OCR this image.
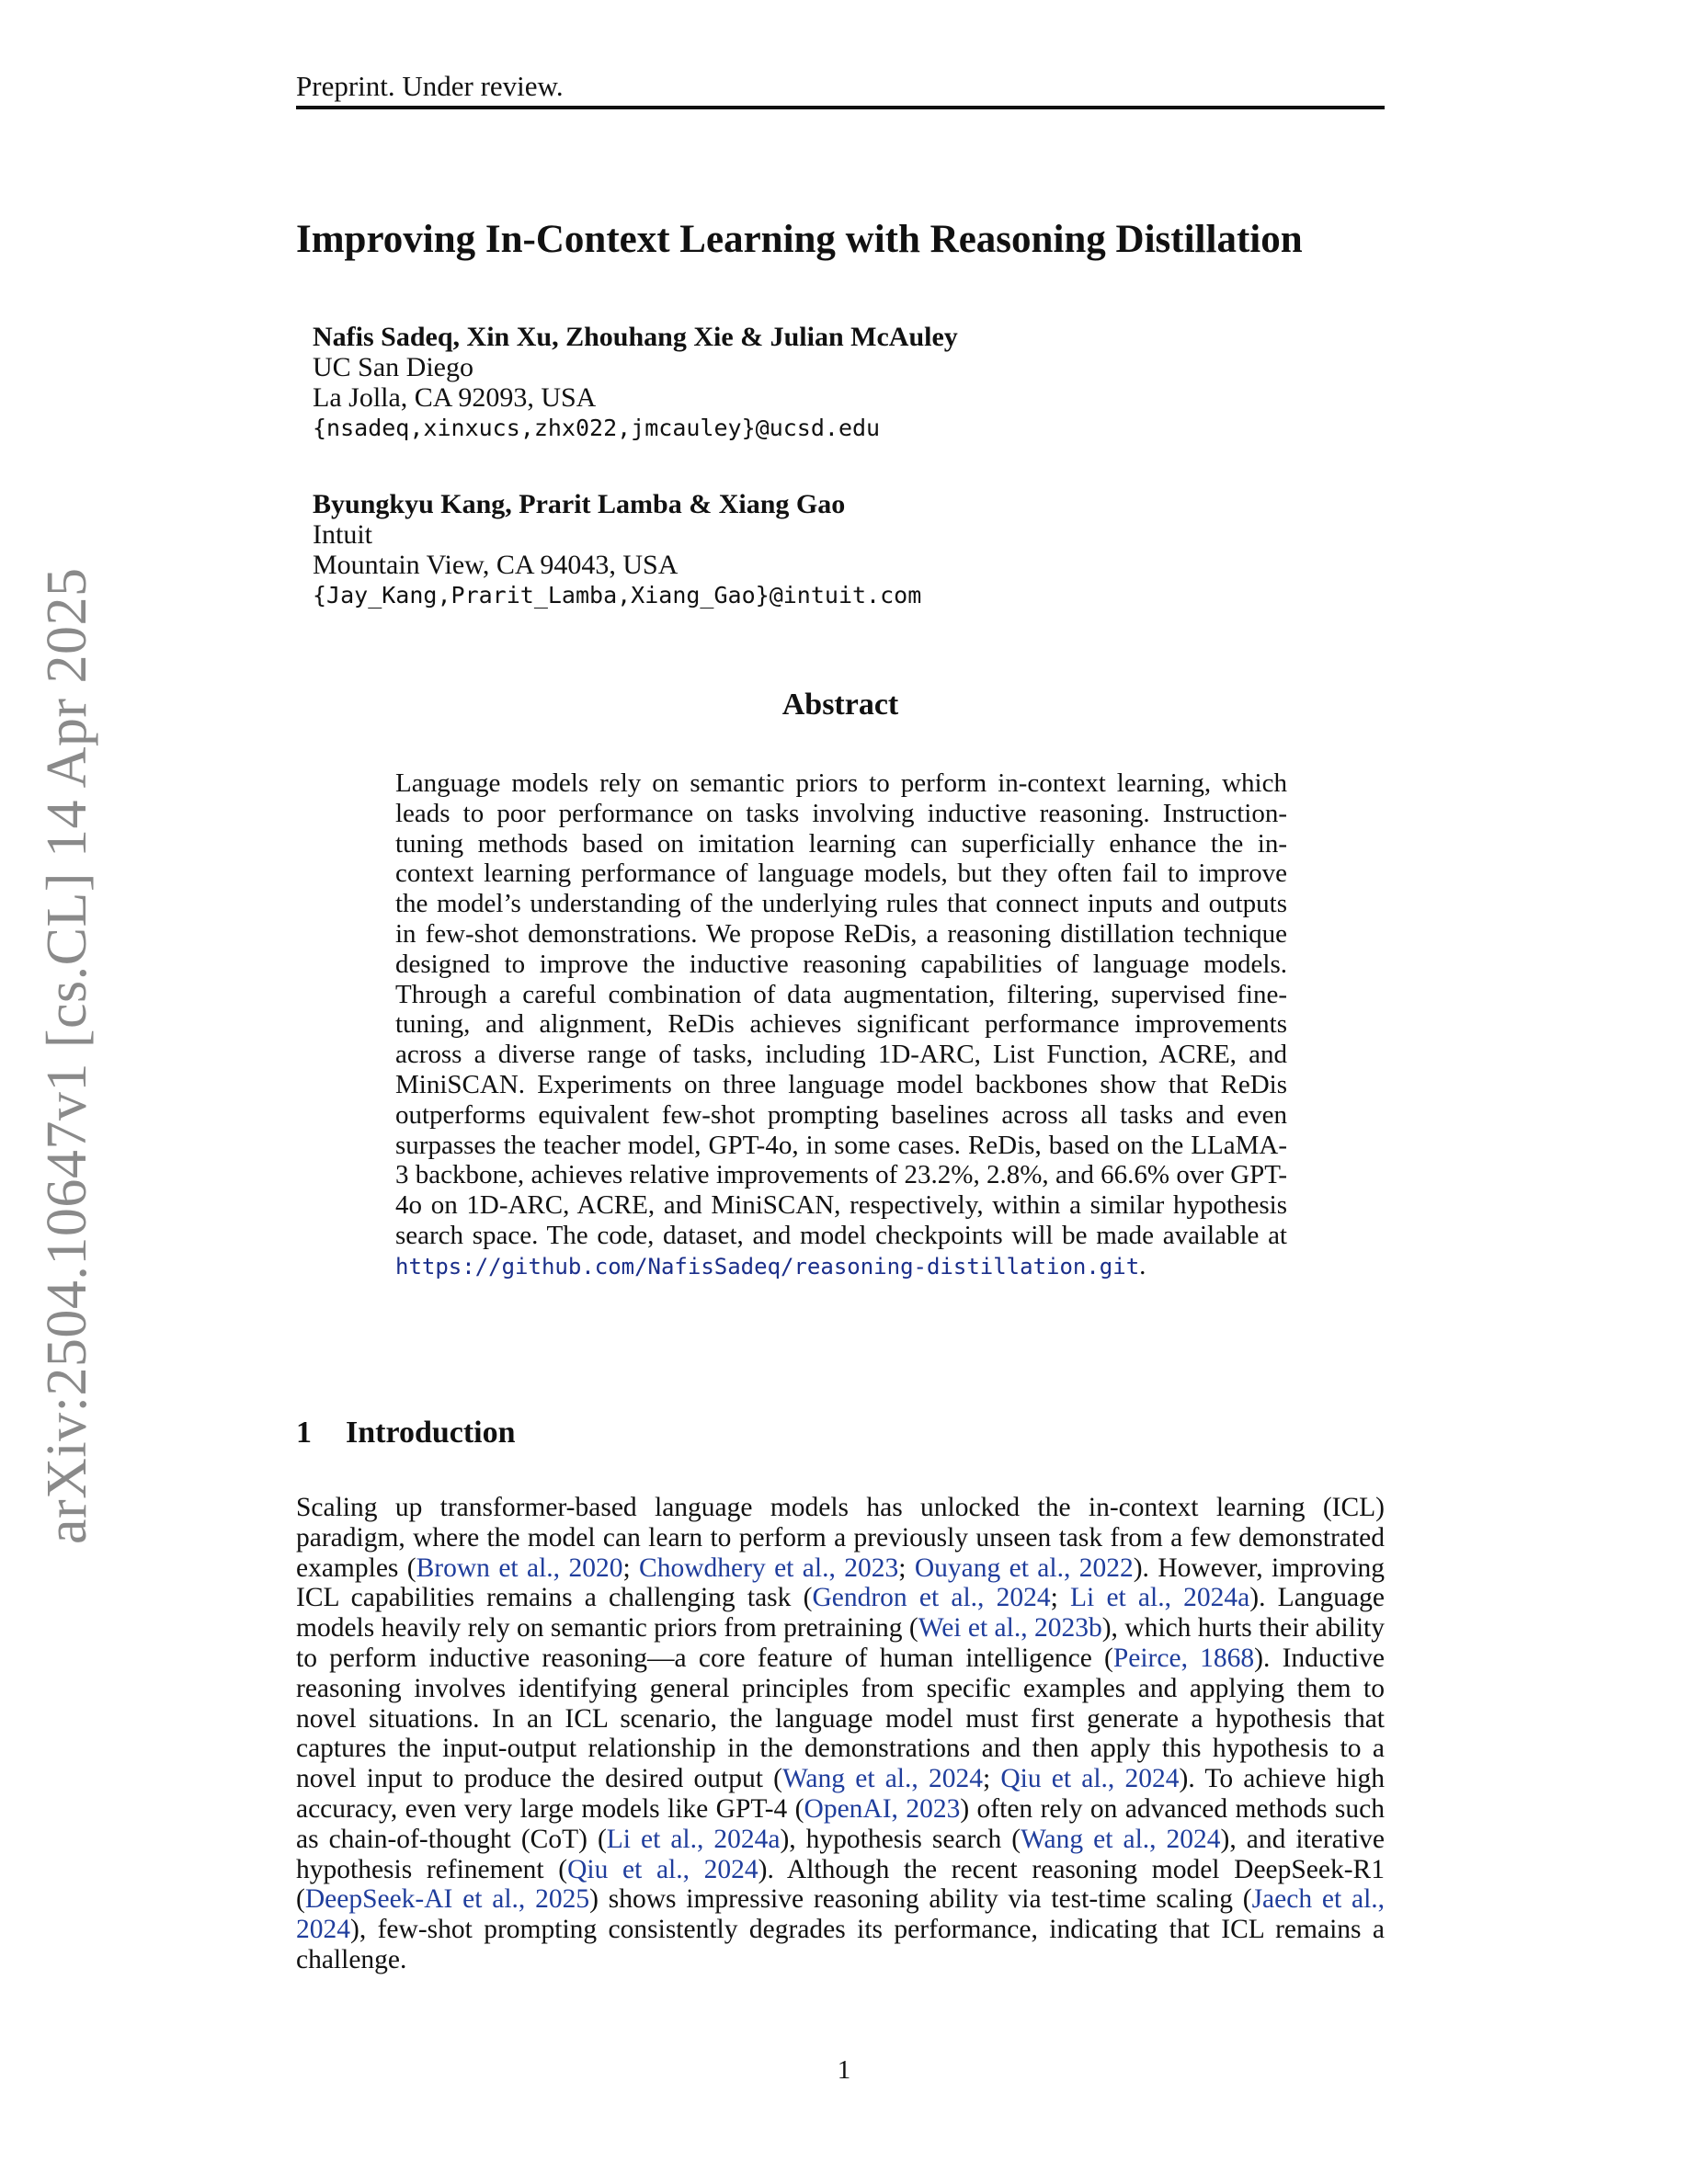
Preprint. Under review.
arXiv:2504.10647v1 [cs.CL] 14 Apr 2025
Improving In-Context Learning with Reasoning Distillation
Nafis Sadeq, Xin Xu, Zhouhang Xie & Julian McAuley
UC San Diego
La Jolla, CA 92093, USA
{nsadeq,xinxucs,zhx022,jmcauley}@ucsd.edu
Byungkyu Kang, Prarit Lamba & Xiang Gao
Intuit
Mountain View, CA 94043, USA
{Jay_Kang,Prarit_Lamba,Xiang_Gao}@intuit.com
Abstract

Language models rely on semantic priors to perform in-context learning, which leads to poor performance on tasks involving inductive reasoning. Instruction-tuning methods based on imitation learning can superficially enhance the in-context learning performance of language models, but they often fail to improve the model’s understanding of the underlying rules that connect inputs and outputs in few-shot demonstrations. We propose ReDis, a reasoning distillation technique designed to improve the inductive reasoning capabilities of language models. Through a careful combination of data augmentation, filtering, supervised fine-tuning, and alignment, ReDis achieves significant performance improvements across a diverse range of tasks, including 1D-ARC, List Function, ACRE, and MiniSCAN. Experiments on three language model backbones show that ReDis outperforms equivalent few-shot prompting baselines across all tasks and even surpasses the teacher model, GPT-4o, in some cases. ReDis, based on the LLaMA-3 backbone, achieves relative improvements of 23.2%, 2.8%, and 66.6% over GPT-4o on 1D-ARC, ACRE, and MiniSCAN, respectively, within a similar hypothesis search space. The code, dataset, and model checkpoints will be made available at https://github.com/NafisSadeq/reasoning-distillation.git.

1 Introduction

Scaling up transformer-based language models has unlocked the in-context learning (ICL) paradigm, where the model can learn to perform a previously unseen task from a few demonstrated examples (Brown et al., 2020; Chowdhery et al., 2023; Ouyang et al., 2022). However, improving ICL capabilities remains a challenging task (Gendron et al., 2024; Li et al., 2024a). Language models heavily rely on semantic priors from pretraining (Wei et al., 2023b), which hurts their ability to perform inductive reasoning—a core feature of human intelligence (Peirce, 1868). Inductive reasoning involves identifying general principles from specific examples and applying them to novel situations. In an ICL scenario, the language model must first generate a hypothesis that captures the input-output relationship in the demonstrations and then apply this hypothesis to a novel input to produce the desired output (Wang et al., 2024; Qiu et al., 2024). To achieve high accuracy, even very large models like GPT-4 (OpenAI, 2023) often rely on advanced methods such as chain-of-thought (CoT) (Li et al., 2024a), hypothesis search (Wang et al., 2024), and iterative hypothesis refinement (Qiu et al., 2024). Although the recent reasoning model DeepSeek-R1 (DeepSeek-AI et al., 2025) shows impressive reasoning ability via test-time scaling (Jaech et al., 2024), few-shot prompting consistently degrades its performance, indicating that ICL remains a challenge.

1
